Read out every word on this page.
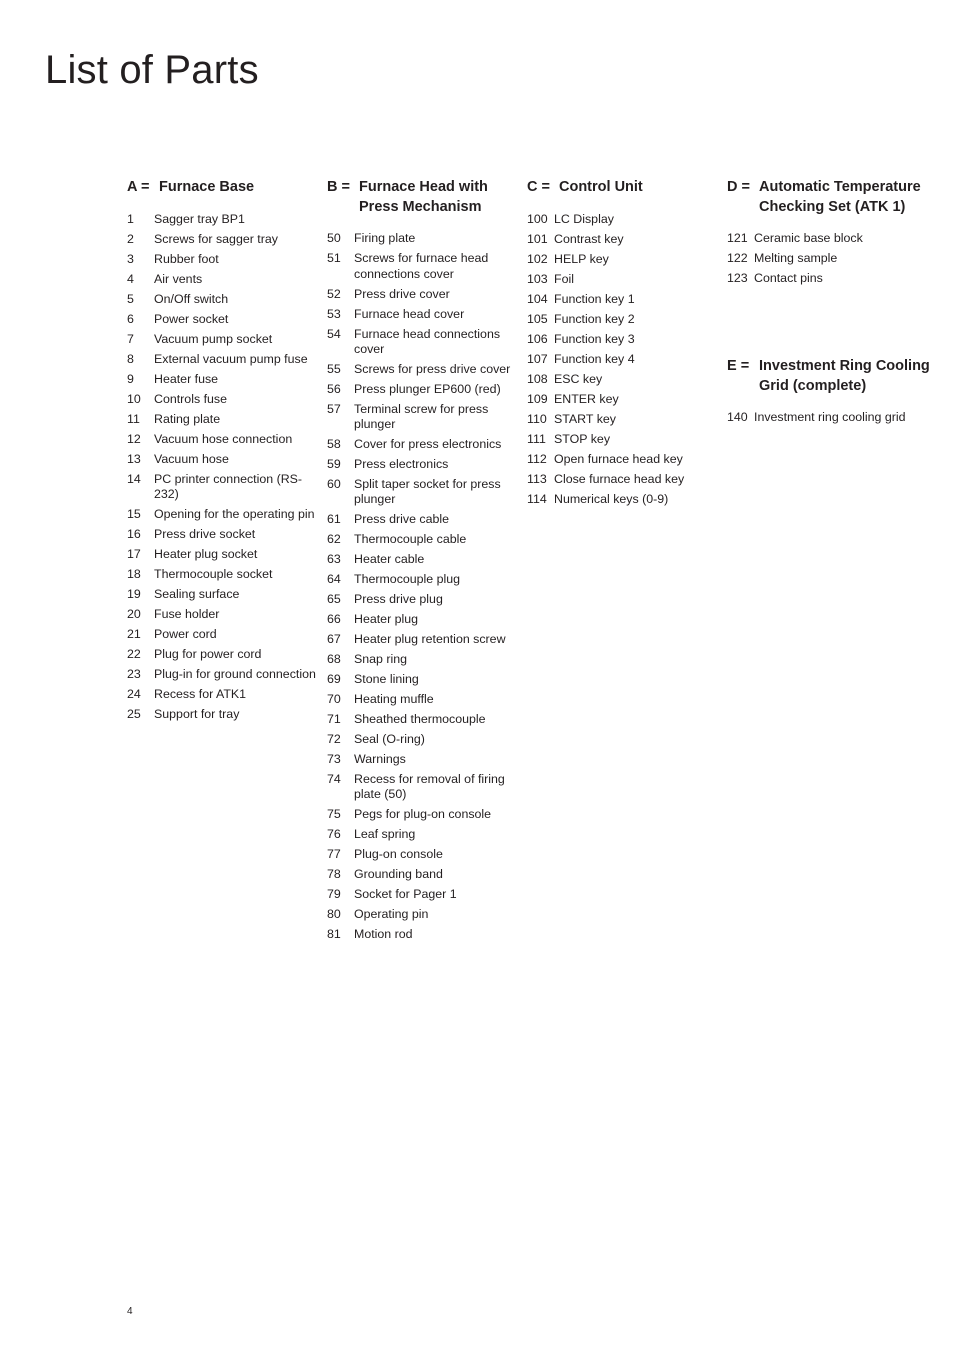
List of Parts
A = Furnace Base
1	Sagger tray BP1
2	Screws for sagger tray
3	Rubber foot
4	Air vents
5	On/Off switch
6	Power socket
7	Vacuum pump socket
8	External vacuum pump fuse
9	Heater fuse
10	Controls fuse
11	Rating plate
12	Vacuum hose connection
13	Vacuum hose
14	PC printer connection (RS-232)
15	Opening for the operating pin
16	Press drive socket
17	Heater plug socket
18	Thermocouple socket
19	Sealing surface
20	Fuse holder
21	Power cord
22	Plug for power cord
23	Plug-in for ground connection
24	Recess for ATK1
25	Support for tray
B = Furnace Head with Press Mechanism
50	Firing plate
51	Screws for furnace head connections cover
52	Press drive cover
53	Furnace head cover
54	Furnace head connections cover
55	Screws for press drive cover
56	Press plunger EP600 (red)
57	Terminal screw for press plunger
58	Cover for press electronics
59	Press electronics
60	Split taper socket for press plunger
61	Press drive cable
62	Thermocouple cable
63	Heater cable
64	Thermocouple plug
65	Press drive plug
66	Heater plug
67	Heater plug retention screw
68	Snap ring
69	Stone lining
70	Heating muffle
71	Sheathed thermocouple
72	Seal (O-ring)
73	Warnings
74	Recess for removal of firing plate (50)
75	Pegs for plug-on console
76	Leaf spring
77	Plug-on console
78	Grounding band
79	Socket for Pager 1
80	Operating pin
81	Motion rod
C = Control Unit
100 LC Display
101 Contrast key
102 HELP key
103 Foil
104 Function key 1
105 Function key 2
106 Function key 3
107 Function key 4
108 ESC key
109 ENTER key
110 START key
111 STOP key
112 Open furnace head key
113 Close furnace head key
114 Numerical keys (0-9)
D = Automatic Temperature Checking Set (ATK 1)
121 Ceramic base block
122 Melting sample
123 Contact pins
E = Investment Ring Cooling Grid (complete)
140 Investment ring cooling grid
4
